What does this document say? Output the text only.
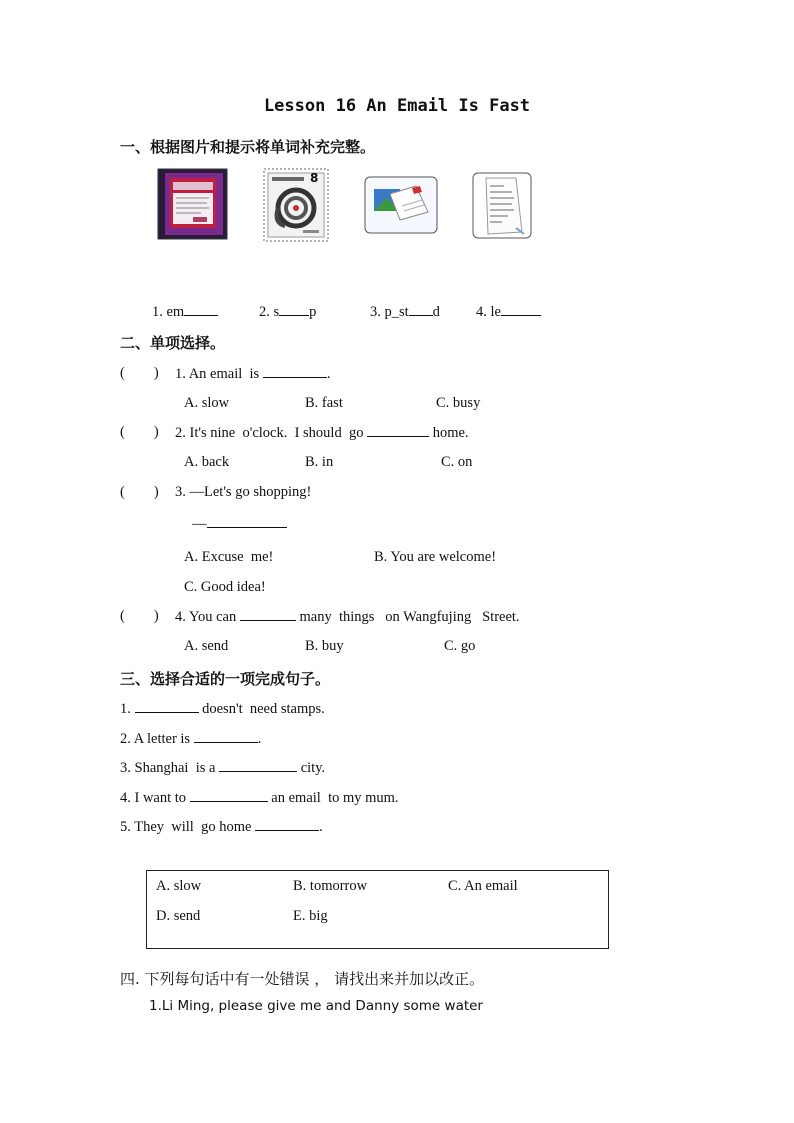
Lesson 16 An Email Is Fast
一、根据图片和提示将单词补充完整。
8
1. em	2. s p	3. p_st d 4. le
二、单项选择。
(        ) 1. An email  is	.
A. slow	B. fast	C. busy
(        ) 2. It's nine  o'clock.  I should  go	home.
A. back	B. in	C. on
(        ) 3. —Let's go shopping!
—
A. Excuse  me!	B. You are welcome!
C. Good idea!
(        ) 4. You can	many  things   on Wangfujing   Street.
A. send	B. buy	C. go
三、选择合适的一项完成句子。
1.	doesn't  need stamps.
2. A letter is	.
3. Shanghai  is a	city.
4. I want to	an email  to my mum.
5. They  will  go home	.
A. slow	B. tomorrow	C. An email
D. send	E. big
四. 下列每句话中有一处错误 ， 请找出来并加以改正。
1.Li Ming, please give me and Danny some water
